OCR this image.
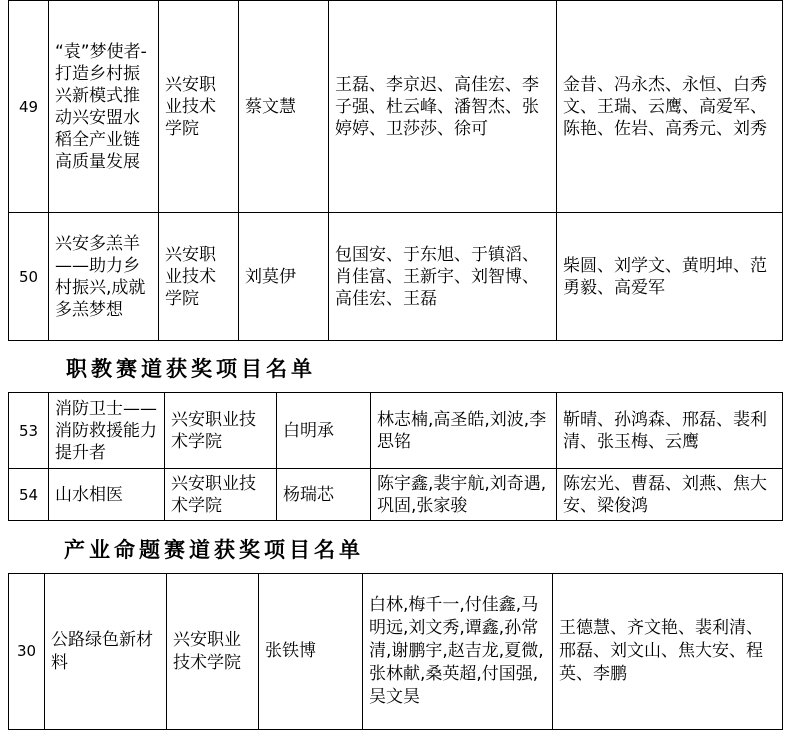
49	“袁”梦使者-打造乡村振兴新模式推动兴安盟水稻全产业链高质量发展	兴安职业技术学院	蔡文慧	王磊、李京迟、高佳宏、李子强、杜云峰、潘智杰、张婷婷、卫莎莎、徐可	金昔、冯永杰、永恒、白秀文、王瑞、云鹰、高爱军、陈艳、佐岩、高秀元、刘秀
50	兴安多羔羊——助力乡村振兴,成就多羔梦想	兴安职业技术学院	刘莫伊	包国安、于东旭、于镇滔、肖佳富、王新宇、刘智博、高佳宏、王磊	柴圆、刘学文、黄明坤、范勇毅、高爱军
职教赛道获奖项目名单
53	消防卫士——消防救援能力提升者	兴安职业技术学院	白明承	林志楠,高圣皓,刘波,李思铭	靳晴、孙鸿森、邢磊、裴利清、张玉梅、云鹰
54	山水相医	兴安职业技术学院	杨瑞芯	陈宇鑫,裴宇航,刘奇遇,巩固,张家骏	陈宏光、曹磊、刘燕、焦大安、梁俊鸿
产业命题赛道获奖项目名单
30	公路绿色新材料	兴安职业技术学院	张铁博	白林,梅千一,付佳鑫,马明远,刘文秀,谭鑫,孙常清,谢鹏宇,赵吉龙,夏微,张林献,桑英超,付国强,吴文昊	王德慧、齐文艳、裴利清、邢磊、刘文山、焦大安、程英、李鹏
